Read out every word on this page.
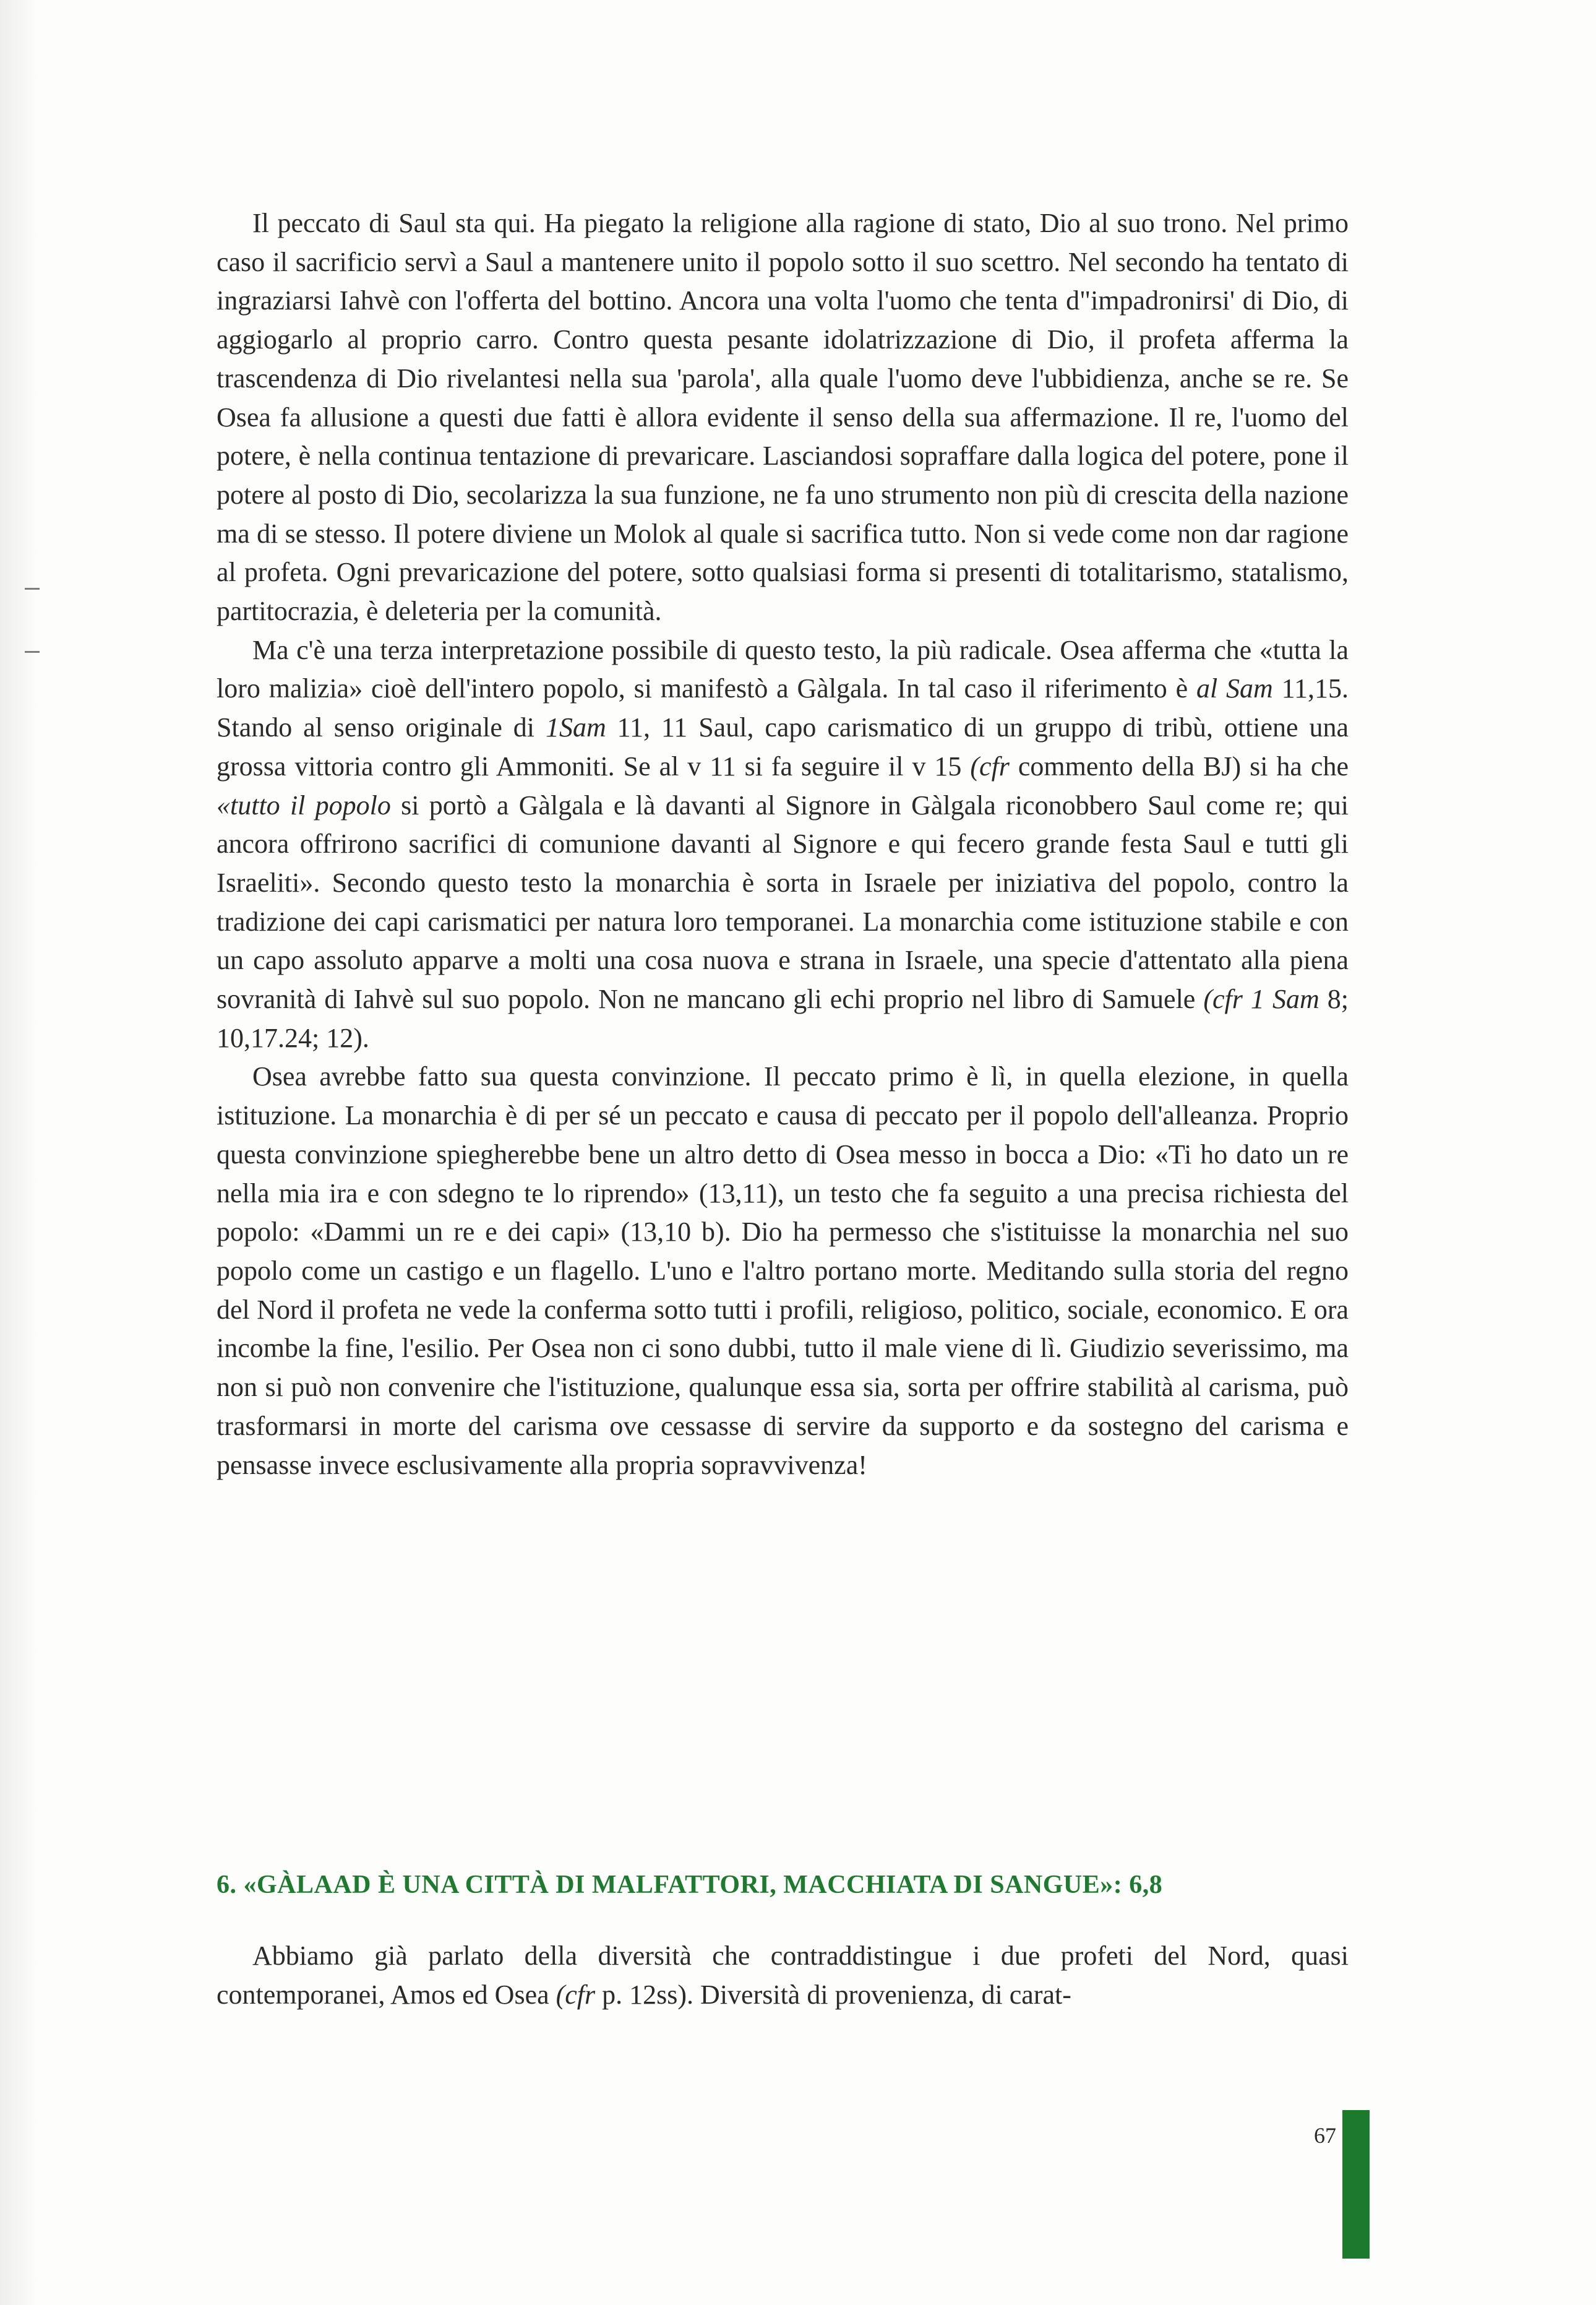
Il peccato di Saul sta qui. Ha piegato la religione alla ragione di stato, Dio al suo trono. Nel primo caso il sacrificio servì a Saul a mantenere unito il popolo sotto il suo scettro. Nel secondo ha tentato di ingraziarsi Iahvè con l'offerta del bottino. Ancora una volta l'uomo che tenta d"impadronirsi' di Dio, di aggiogarlo al proprio carro. Contro questa pesante idolatrizzazione di Dio, il profeta afferma la trascendenza di Dio rivelantesi nella sua 'parola', alla quale l'uomo deve l'ubbidienza, anche se re. Se Osea fa allusione a questi due fatti è allora evidente il senso della sua affermazione. Il re, l'uomo del potere, è nella continua tentazione di prevaricare. Lasciandosi sopraffare dalla logica del potere, pone il potere al posto di Dio, secolarizza la sua funzione, ne fa uno strumento non più di crescita della nazione ma di se stesso. Il potere diviene un Molok al quale si sacrifica tutto. Non si vede come non dar ragione al profeta. Ogni prevaricazione del potere, sotto qualsiasi forma si presenti di totalitarismo, statalismo, partitocrazia, è deleteria per la comunità.

Ma c'è una terza interpretazione possibile di questo testo, la più radicale. Osea afferma che «tutta la loro malizia» cioè dell'intero popolo, si manifestò a Gàlgala. In tal caso il riferimento è al Sam 11,15. Stando al senso originale di 1Sam 11, 11 Saul, capo carismatico di un gruppo di tribù, ottiene una grossa vittoria contro gli Ammoniti. Se al v 11 si fa seguire il v 15 (cfr commento della BJ) si ha che «tutto il popolo si portò a Gàlgala e là davanti al Signore in Gàlgala riconobbero Saul come re; qui ancora offrirono sacrifici di comunione davanti al Signore e qui fecero grande festa Saul e tutti gli Israeliti». Secondo questo testo la monarchia è sorta in Israele per iniziativa del popolo, contro la tradizione dei capi carismatici per natura loro temporanei. La monarchia come istituzione stabile e con un capo assoluto apparve a molti una cosa nuova e strana in Israele, una specie d'attentato alla piena sovranità di Iahvè sul suo popolo. Non ne mancano gli echi proprio nel libro di Samuele (cfr 1 Sam 8; 10,17.24; 12).

Osea avrebbe fatto sua questa convinzione. Il peccato primo è lì, in quella elezione, in quella istituzione. La monarchia è di per sé un peccato e causa di peccato per il popolo dell'alleanza. Proprio questa convinzione spiegherebbe bene un altro detto di Osea messo in bocca a Dio: «Ti ho dato un re nella mia ira e con sdegno te lo riprendo» (13,11), un testo che fa seguito a una precisa richiesta del popolo: «Dammi un re e dei capi» (13,10 b). Dio ha permesso che s'istituisse la monarchia nel suo popolo come un castigo e un flagello. L'uno e l'altro portano morte. Meditando sulla storia del regno del Nord il profeta ne vede la conferma sotto tutti i profili, religioso, politico, sociale, economico. E ora incombe la fine, l'esilio. Per Osea non ci sono dubbi, tutto il male viene di lì. Giudizio severissimo, ma non si può non convenire che l'istituzione, qualunque essa sia, sorta per offrire stabilità al carisma, può trasformarsi in morte del carisma ove cessasse di servire da supporto e da sostegno del carisma e pensasse invece esclusivamente alla propria sopravvivenza!

6. «GÀLAAD È UNA CITTÀ DI MALFATTORI, MACCHIATA DI SANGUE»: 6,8

Abbiamo già parlato della diversità che contraddistingue i due profeti del Nord, quasi contemporanei, Amos ed Osea (cfr p. 12ss). Diversità di provenienza, di carat-

67
